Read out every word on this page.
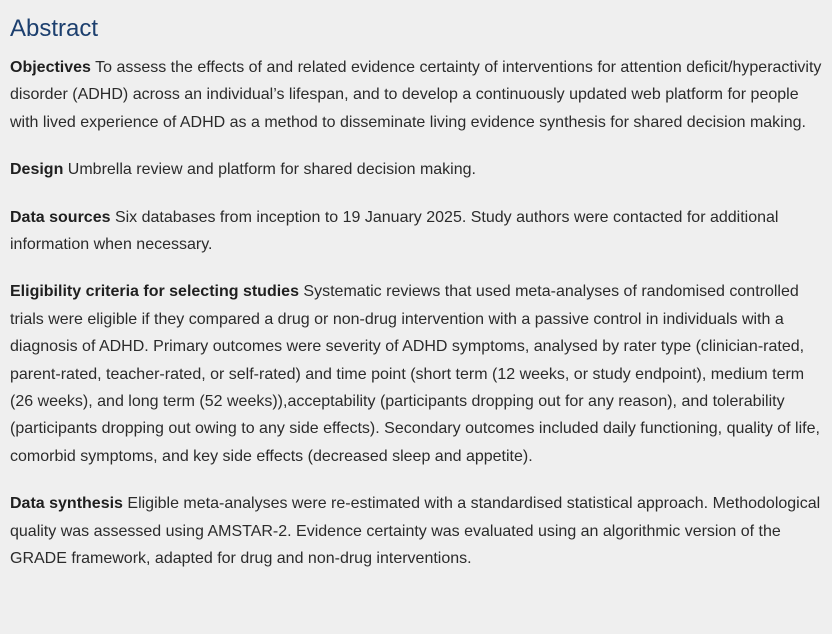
Abstract

Objectives To assess the effects of and related evidence certainty of interventions for attention deficit/hyperactivity disorder (ADHD) across an individual’s lifespan, and to develop a continuously updated web platform for people with lived experience of ADHD as a method to disseminate living evidence synthesis for shared decision making.

Design Umbrella review and platform for shared decision making.

Data sources Six databases from inception to 19 January 2025. Study authors were contacted for additional information when necessary.

Eligibility criteria for selecting studies Systematic reviews that used meta-analyses of randomised controlled trials were eligible if they compared a drug or non-drug intervention with a passive control in individuals with a diagnosis of ADHD. Primary outcomes were severity of ADHD symptoms, analysed by rater type (clinician-rated, parent-rated, teacher-rated, or self-rated) and time point (short term (12 weeks, or study endpoint), medium term (26 weeks), and long term (52 weeks)),acceptability (participants dropping out for any reason), and tolerability (participants dropping out owing to any side effects). Secondary outcomes included daily functioning, quality of life, comorbid symptoms, and key side effects (decreased sleep and appetite).

Data synthesis Eligible meta-analyses were re-estimated with a standardised statistical approach. Methodological quality was assessed using AMSTAR-2. Evidence certainty was evaluated using an algorithmic version of the GRADE framework, adapted for drug and non-drug interventions.
